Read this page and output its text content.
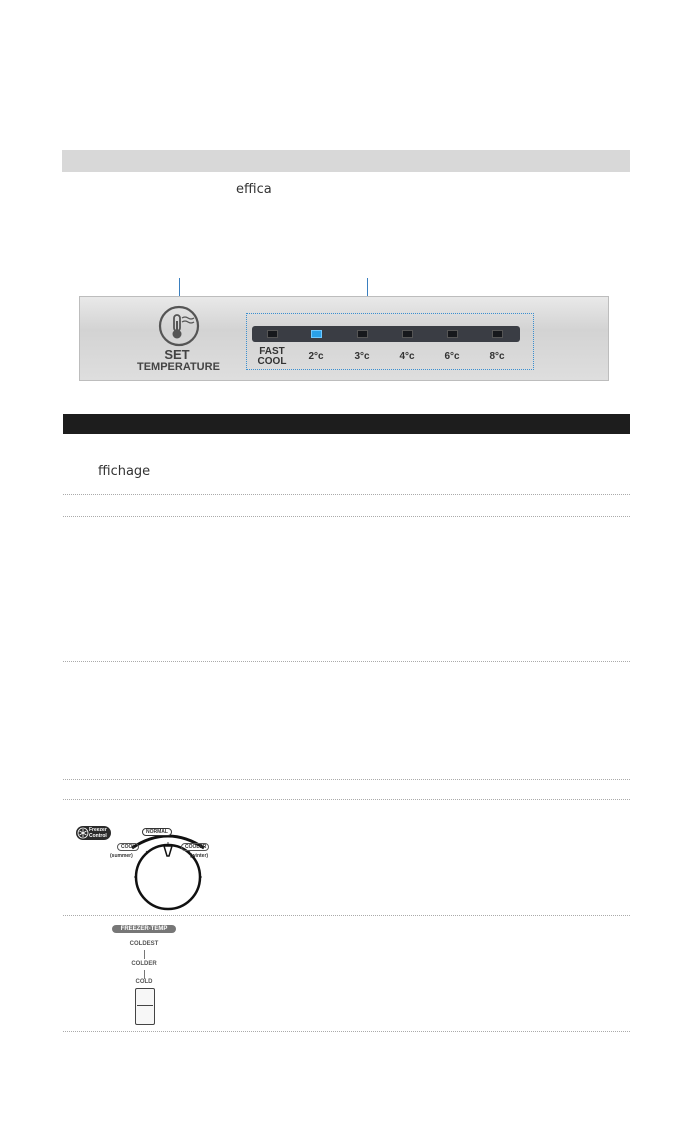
effica
SET
TEMPERATURE
FAST
COOL	2°c	3°c	4°c	6°c	8°c
ffichage
Freezer
Control
NORMAL
COOL
(summer)
COOLER
(winter)
FREEZER-TEMP
COLDEST
COLDER
COLD
